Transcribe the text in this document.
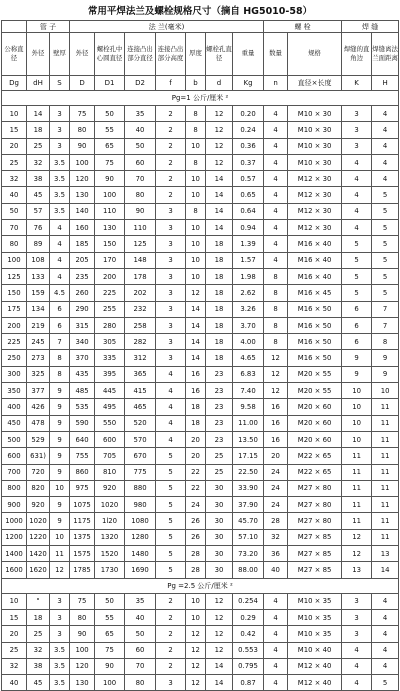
常用平焊法兰及螺栓规格尺寸（摘自 HG5010-58）
	管 子		法 兰(毫米)							螺 栓		焊 缝	
公称直径	外径	壁厚	外径	螺栓孔中心圆直径	连接凸出部分直径	连接凸出部分高度	厚度	螺栓孔直径	重量	数量	规格	焊缝的直角边	焊缝离法兰面距离
Dg	dH	S	D	D1	D2	f	b	d	Kg	n	直径×长度	K	H
Pg=1 公斤/厘米 ²													
10	14	3	75	50	35	2	8	12	0.20	4	M10 × 30	3	4
15	18	3	80	55	40	2	8	12	0.24	4	M10 × 30	3	4
20	25	3	90	65	50	2	10	12	0.36	4	M10 × 30	3	4
25	32	3.5	100	75	60	2	8	12	0.37	4	M10 × 30	4	4
32	38	3.5	120	90	70	2	10	14	0.57	4	M12 × 30	4	4
40	45	3.5	130	100	80	2	10	14	0.65	4	M12 × 30	4	5
50	57	3.5	140	110	90	3	8	14	0.64	4	M12 × 30	4	5
70	76	4	160	130	110	3	10	14	0.94	4	M12 × 30	4	5
80	89	4	185	150	125	3	10	18	1.39	4	M16 × 40	5	5
100	108	4	205	170	148	3	10	18	1.57	4	M16 × 40	5	5
125	133	4	235	200	178	3	10	18	1.98	8	M16 × 40	5	5
150	159	4.5	260	225	202	3	12	18	2.62	8	M16 × 45	5	5
175	134	6	290	255	232	3	14	18	3.26	8	M16 × 50	6	7
200	219	6	315	280	258	3	14	18	3.70	8	M16 × 50	6	7
225	245	7	340	305	282	3	14	18	4.00	8	M16 × 50	6	8
250	273	8	370	335	312	3	14	18	4.65	12	M16 × 50	9	9
300	325	8	435	395	365	4	16	23	6.83	12	M20 × 55	9	9
350	377	9	485	445	415	4	16	23	7.40	12	M20 × 55	10	10
400	426	9	535	495	465	4	18	23	9.58	16	M20 × 60	10	11
450	478	9	590	550	520	4	18	23	11.00	16	M20 × 60	10	11
500	529	9	640	600	570	4	20	23	13.50	16	M20 × 60	10	11
600	631)	9	755	705	670	5	20	25	17.15	20	M22 × 65	11	11
700	720	9	860	810	775	5	22	25	22.50	24	M22 × 65	11	11
800	820	10	975	920	880	5	22	30	33.90	24	M27 × 80	11	11
900	920	9	1075	1020	980	5	24	30	37.90	24	M27 × 80	11	11
1000	1020	9	1175	1l20	1080	5	26	30	45.70	28	M27 × 80	11	11
1200	1220	10	1375	1320	1280	5	26	30	57.10	32	M27 × 85	12	11
1400	1420	11	1575	1520	1480	5	28	30	73.20	36	M27 × 85	12	13
1600	1620	12	1785	1730	1690	5	28	30	88.00	40	M27 × 85	13	14
Pg =2.5 公斤/厘米 ²													
10	"	3	75	50	35	2	10	12	0.254	4	M10 × 35	3	4
15	18	3	80	55	40	2	10	12	0.29	4	M10 × 35	3	4
20	25	3	90	65	50	2	12	12	0.42	4	M10 × 35	3	4
25	32	3.5	100	75	60	2	12	12	0.553	4	M10 × 40	4	4
32	38	3.5	120	90	70	2	12	14	0.795	4	M12 × 40	4	4
40	45	3.5	130	100	80	3	12	14	0.87	4	M12 × 40	4	5
